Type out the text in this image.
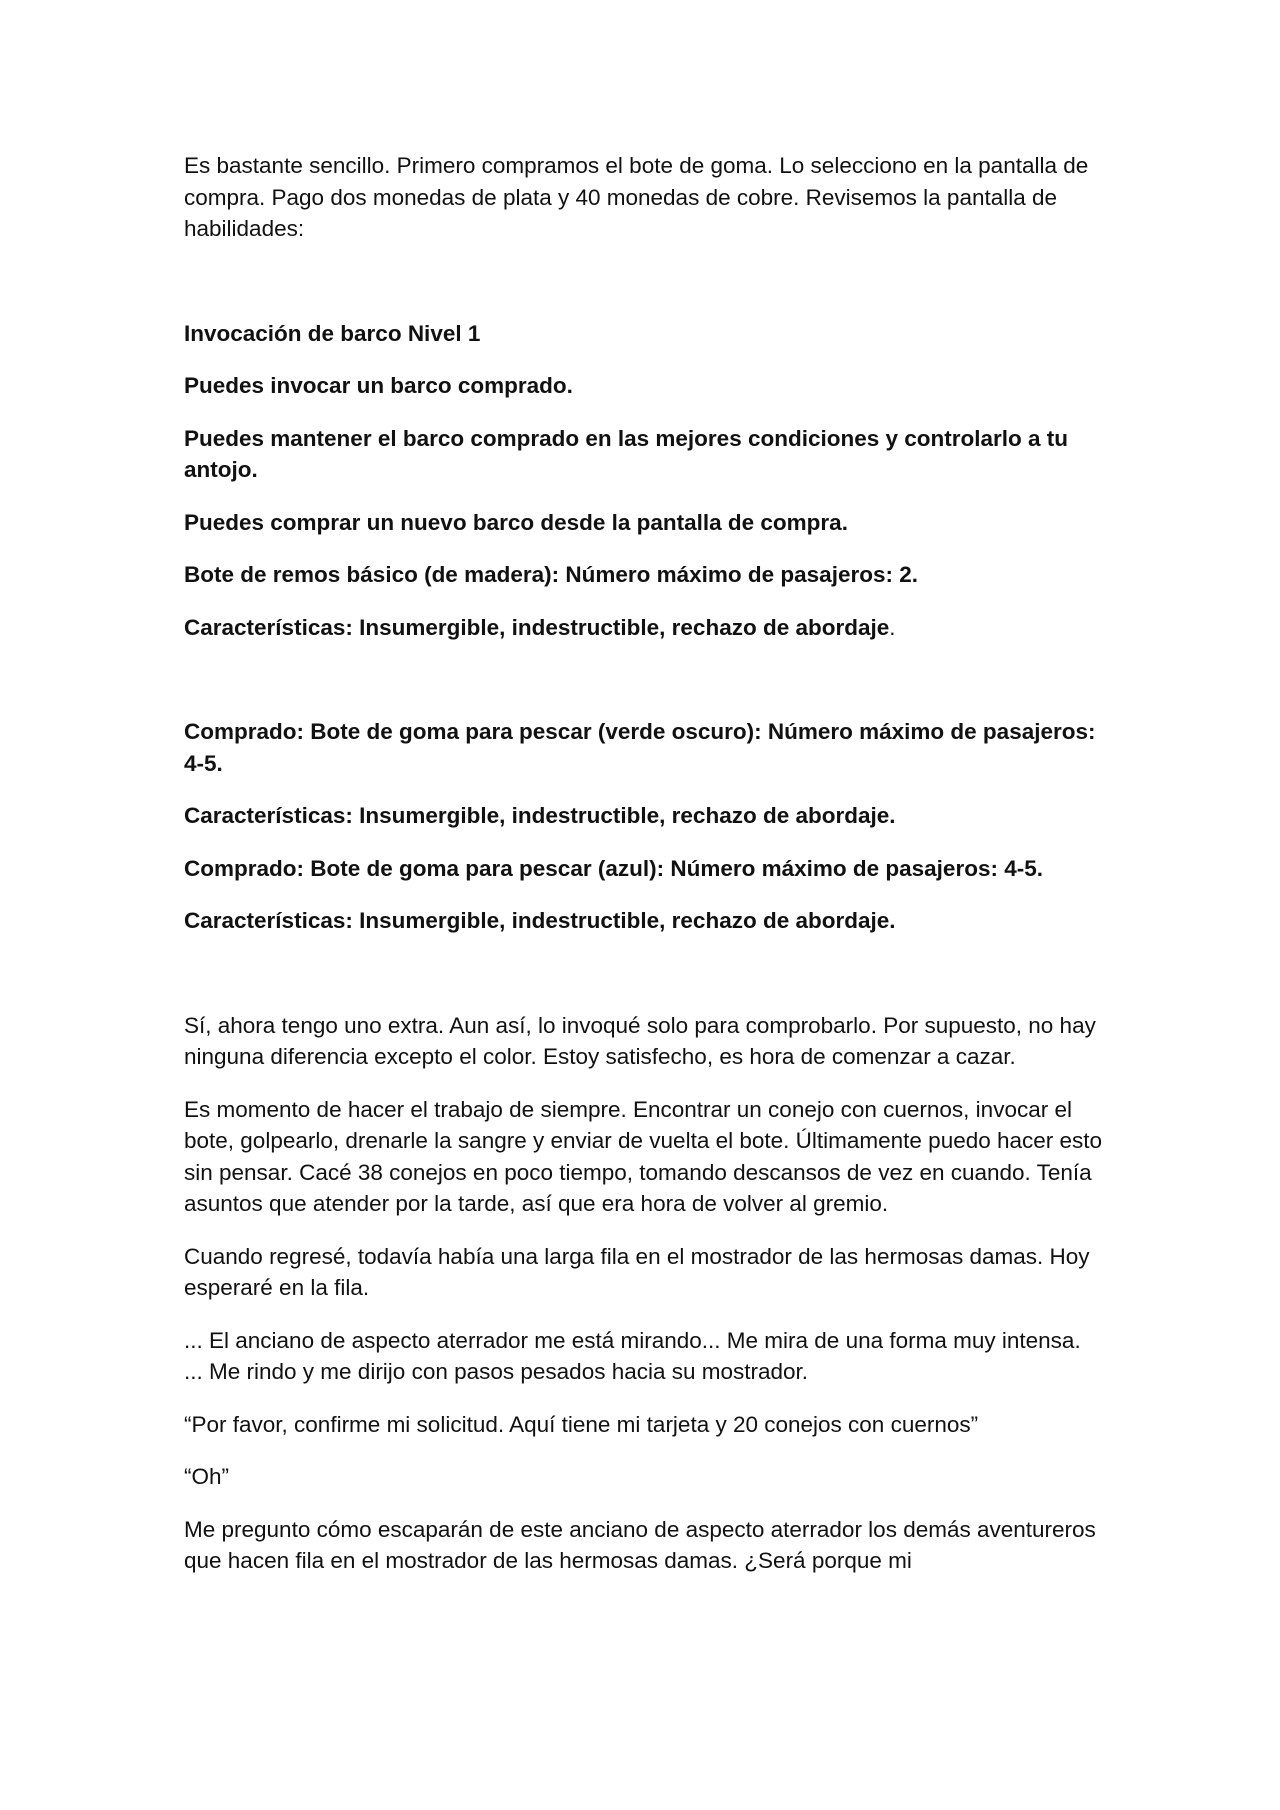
Es bastante sencillo. Primero compramos el bote de goma. Lo selecciono en la pantalla de compra. Pago dos monedas de plata y 40 monedas de cobre. Revisemos la pantalla de habilidades:

Invocación de barco Nivel 1

Puedes invocar un barco comprado.

Puedes mantener el barco comprado en las mejores condiciones y controlarlo a tu antojo.

Puedes comprar un nuevo barco desde la pantalla de compra.

Bote de remos básico (de madera): Número máximo de pasajeros: 2.

Características: Insumergible, indestructible, rechazo de abordaje.

Comprado: Bote de goma para pescar (verde oscuro): Número máximo de pasajeros: 4-5.

Características: Insumergible, indestructible, rechazo de abordaje.

Comprado: Bote de goma para pescar (azul): Número máximo de pasajeros: 4-5.

Características: Insumergible, indestructible, rechazo de abordaje.

Sí, ahora tengo uno extra. Aun así, lo invoqué solo para comprobarlo. Por supuesto, no hay ninguna diferencia excepto el color. Estoy satisfecho, es hora de comenzar a cazar.

Es momento de hacer el trabajo de siempre. Encontrar un conejo con cuernos, invocar el bote, golpearlo, drenarle la sangre y enviar de vuelta el bote. Últimamente puedo hacer esto sin pensar. Cacé 38 conejos en poco tiempo, tomando descansos de vez en cuando. Tenía asuntos que atender por la tarde, así que era hora de volver al gremio.

Cuando regresé, todavía había una larga fila en el mostrador de las hermosas damas. Hoy esperaré en la fila.

... El anciano de aspecto aterrador me está mirando... Me mira de una forma muy intensa. ... Me rindo y me dirijo con pasos pesados hacia su mostrador.

“Por favor, confirme mi solicitud. Aquí tiene mi tarjeta y 20 conejos con cuernos”

“Oh”

Me pregunto cómo escaparán de este anciano de aspecto aterrador los demás aventureros que hacen fila en el mostrador de las hermosas damas. ¿Será porque mi
